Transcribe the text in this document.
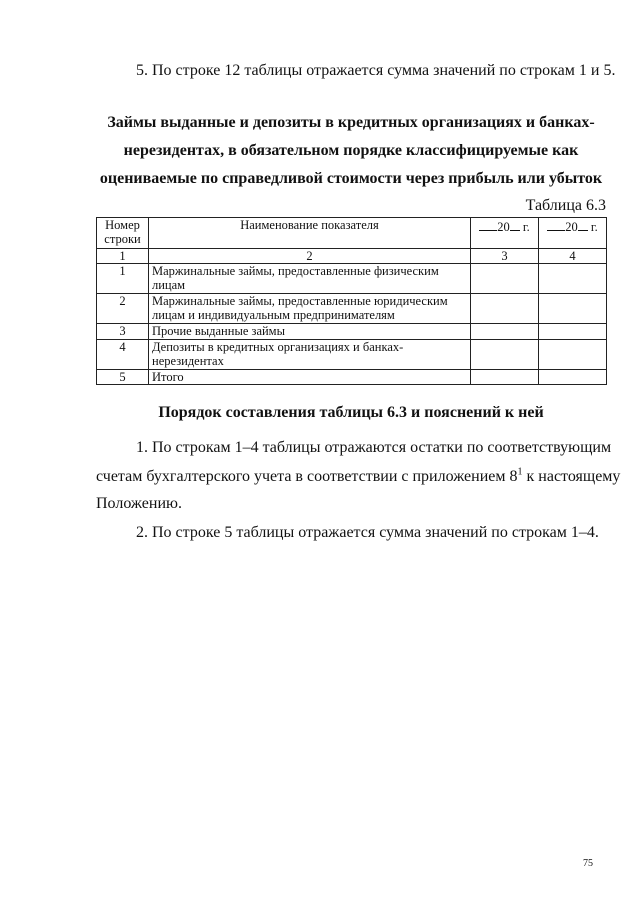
5. По строке 12 таблицы отражается сумма значений по строкам 1 и 5.
Займы выданные и депозиты в кредитных организациях и банках-
нерезидентах, в обязательном порядке классифицируемые как
оцениваемые по справедливой стоимости через прибыль или убыток
Таблица 6.3
Номер строки	Наименование показателя	20 г.	20 г.
1	2	3	4
1	Маржинальные займы, предоставленные физическим лицам		
2	Маржинальные займы, предоставленные юридическим лицам и индивидуальным предпринимателям		
3	Прочие выданные займы		
4	Депозиты в кредитных организациях и банках-нерезидентах		
5	Итого		
Порядок составления таблицы 6.3 и пояснений к ней
1. По строкам 1–4 таблицы отражаются остатки по соответствующим
счетам бухгалтерского учета в соответствии с приложением $8^1$ к настоящему
Положению.
2. По строке 5 таблицы отражается сумма значений по строкам 1–4.
75
